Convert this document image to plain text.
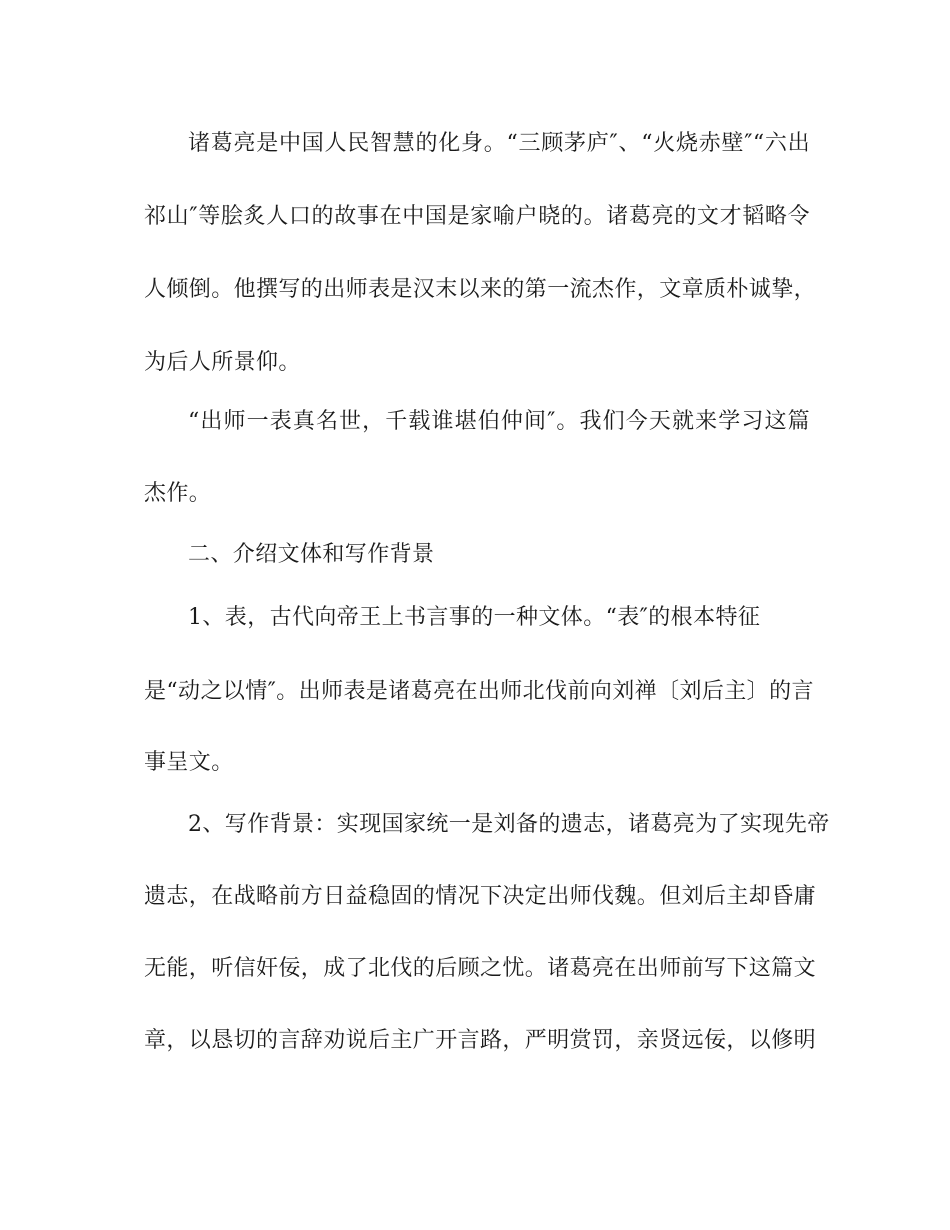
诸葛亮是中国人民智慧的化身。“三顾茅庐″、“火烧赤壁″“六出

祁山″等脍炙人口的故事在中国是家喻户晓的。诸葛亮的文才韬略令

人倾倒。他撰写的出师表是汉末以来的第一流杰作，文章质朴诚挚，

为后人所景仰。

“出师一表真名世，千载谁堪伯仲间″。我们今天就来学习这篇

杰作。

二、介绍文体和写作背景

1、表，古代向帝王上书言事的一种文体。“表″的根本特征

是“动之以情″。出师表是诸葛亮在出师北伐前向刘禅〔刘后主〕的言

事呈文。

2、写作背景：实现国家统一是刘备的遗志，诸葛亮为了实现先帝

遗志，在战略前方日益稳固的情况下决定出师伐魏。但刘后主却昏庸

无能，听信奸佞，成了北伐的后顾之忧。诸葛亮在出师前写下这篇文

章，以恳切的言辞劝说后主广开言路，严明赏罚，亲贤远佞，以修明
